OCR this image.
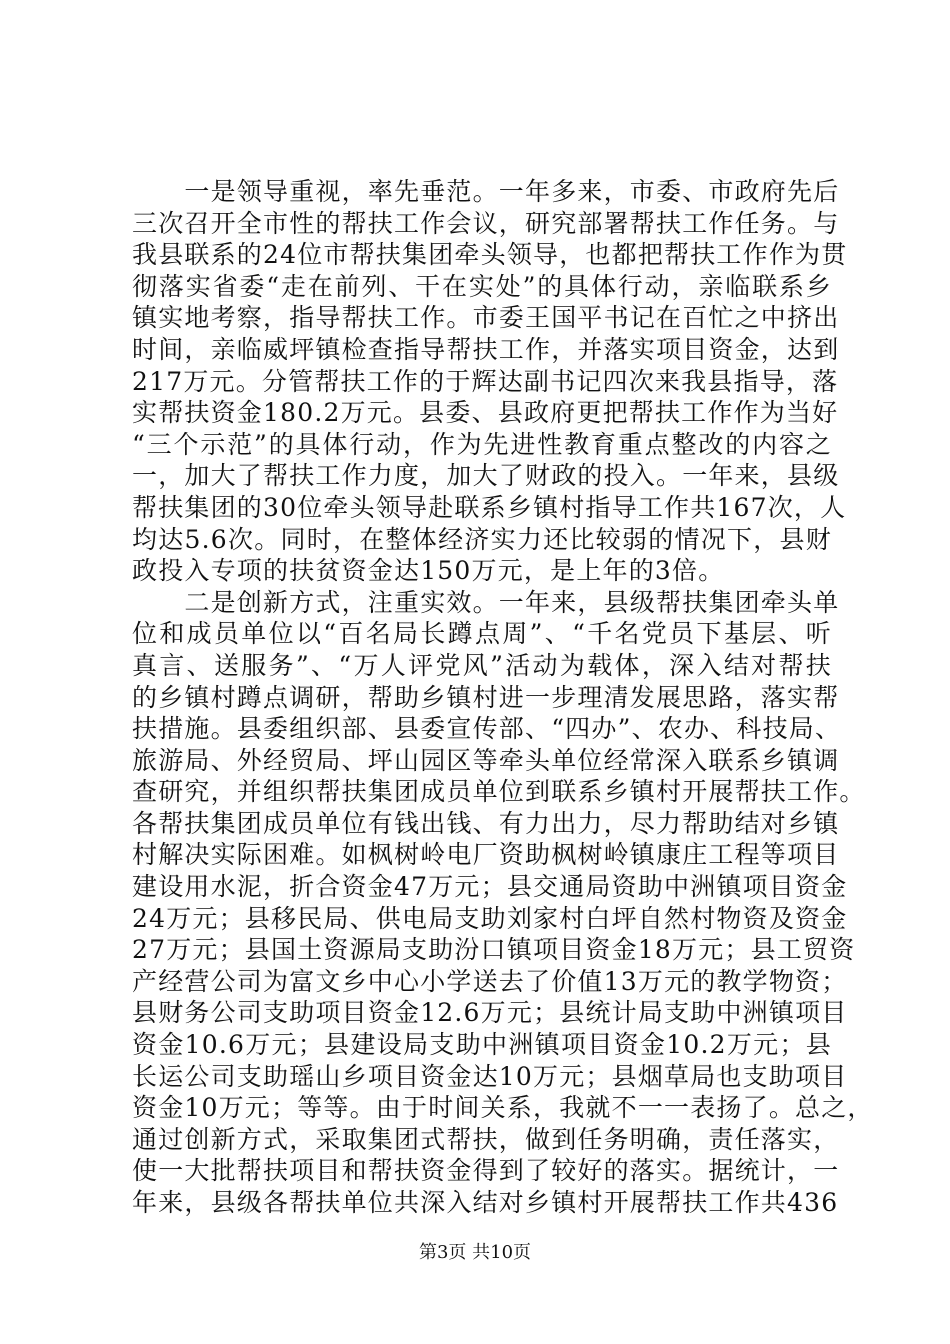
　　一是领导重视，率先垂范。一年多来，市委、市政府先后
三次召开全市性的帮扶工作会议，研究部署帮扶工作任务。与
我县联系的24位市帮扶集团牵头领导，也都把帮扶工作作为贯
彻落实省委“走在前列、干在实处”的具体行动，亲临联系乡
镇实地考察，指导帮扶工作。市委王国平书记在百忙之中挤出
时间，亲临威坪镇检查指导帮扶工作，并落实项目资金，达到
217万元。分管帮扶工作的于辉达副书记四次来我县指导，落
实帮扶资金180.2万元。县委、县政府更把帮扶工作作为当好
“三个示范”的具体行动，作为先进性教育重点整改的内容之
一，加大了帮扶工作力度，加大了财政的投入。一年来，县级
帮扶集团的30位牵头领导赴联系乡镇村指导工作共167次，人
均达5.6次。同时，在整体经济实力还比较弱的情况下，县财
政投入专项的扶贫资金达150万元，是上年的3倍。
　　二是创新方式，注重实效。一年来，县级帮扶集团牵头单
位和成员单位以“百名局长蹲点周”、“千名党员下基层、听
真言、送服务”、“万人评党风”活动为载体，深入结对帮扶
的乡镇村蹲点调研，帮助乡镇村进一步理清发展思路，落实帮
扶措施。县委组织部、县委宣传部、“四办”、农办、科技局、
旅游局、外经贸局、坪山园区等牵头单位经常深入联系乡镇调
查研究，并组织帮扶集团成员单位到联系乡镇村开展帮扶工作。
各帮扶集团成员单位有钱出钱、有力出力，尽力帮助结对乡镇
村解决实际困难。如枫树岭电厂资助枫树岭镇康庄工程等项目
建设用水泥，折合资金47万元；县交通局资助中洲镇项目资金
24万元；县移民局、供电局支助刘家村白坪自然村物资及资金
27万元；县国土资源局支助汾口镇项目资金18万元；县工贸资
产经营公司为富文乡中心小学送去了价值13万元的教学物资；
县财务公司支助项目资金12.6万元；县统计局支助中洲镇项目
资金10.6万元；县建设局支助中洲镇项目资金10.2万元；县
长运公司支助瑶山乡项目资金达10万元；县烟草局也支助项目
资金10万元；等等。由于时间关系，我就不一一表扬了。总之，
通过创新方式，采取集团式帮扶，做到任务明确，责任落实，
使一大批帮扶项目和帮扶资金得到了较好的落实。据统计，一
年来，县级各帮扶单位共深入结对乡镇村开展帮扶工作共436
第3页 共10页
